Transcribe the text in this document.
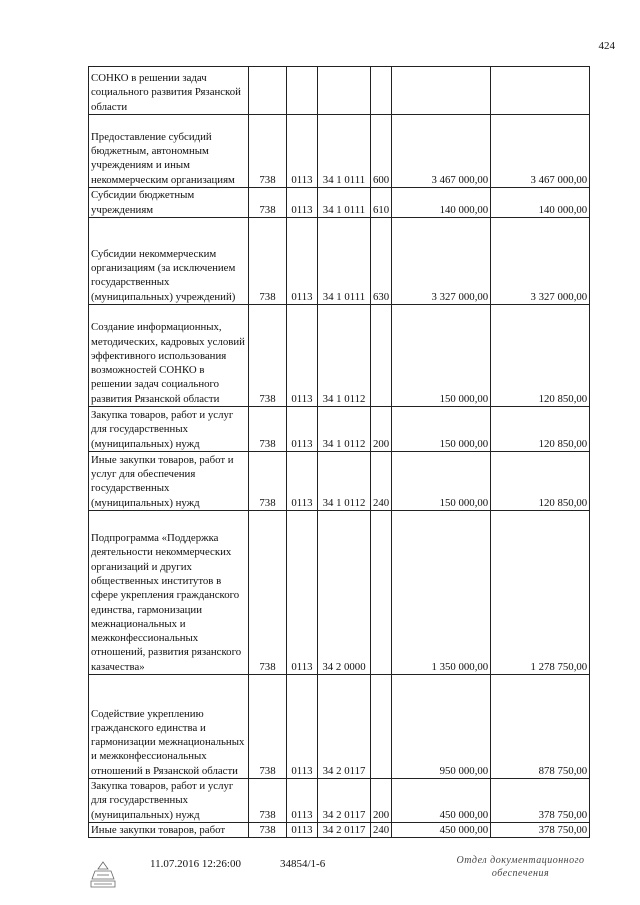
424
СОНКО в решении задач социального развития Рязанской области						
Предоставление субсидий бюджетным, автономным учреждениям и иным некоммерческим организациям	738	0113	34 1 0111	600	3 467 000,00	3 467 000,00
Субсидии бюджетным учреждениям	738	0113	34 1 0111	610	140 000,00	140 000,00
Субсидии некоммерческим организациям (за исключением государственных (муниципальных) учреждений)	738	0113	34 1 0111	630	3 327 000,00	3 327 000,00
Создание информационных, методических, кадровых условий эффективного использования возможностей СОНКО в решении задач социального развития Рязанской области	738	0113	34 1 0112		150 000,00	120 850,00
Закупка товаров, работ и услуг для государственных (муниципальных) нужд	738	0113	34 1 0112	200	150 000,00	120 850,00
Иные закупки товаров, работ и услуг для обеспечения государственных (муниципальных) нужд	738	0113	34 1 0112	240	150 000,00	120 850,00
Подпрограмма «Поддержка деятельности некоммерческих организаций и других общественных институтов в сфере укрепления гражданского единства, гармонизации межнациональных и межконфессиональных отношений, развития рязанского казачества»	738	0113	34 2 0000		1 350 000,00	1 278 750,00
Содействие укреплению гражданского единства и гармонизации межнациональных и межконфессиональных отношений в Рязанской области	738	0113	34 2 0117		950 000,00	878 750,00
Закупка товаров, работ и услуг для государственных (муниципальных) нужд	738	0113	34 2 0117	200	450 000,00	378 750,00
Иные закупки товаров, работ	738	0113	34 2 0117	240	450 000,00	378 750,00
11.07.2016 12:26:00	34854/1-6	Отдел документационного
обеспечения
